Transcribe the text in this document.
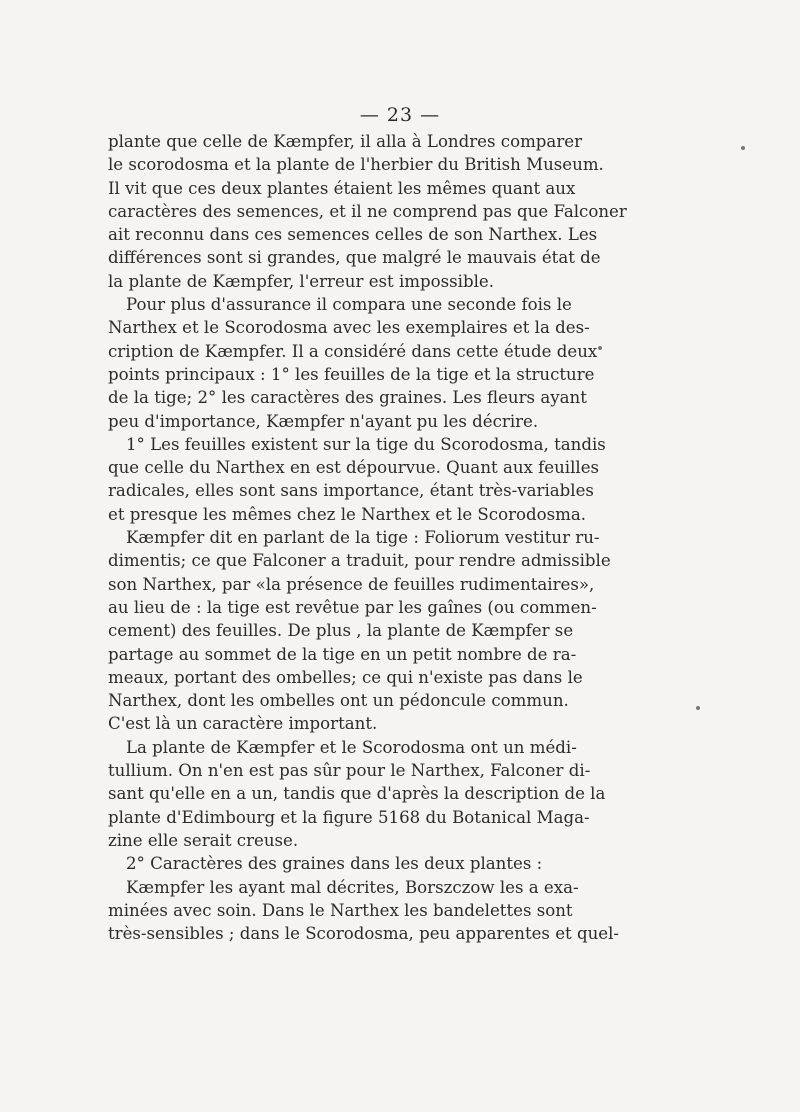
— 23 —
plante que celle de Kæmpfer, il alla à Londres comparer
le scorodosma et la plante de l'herbier du British Museum.
Il vit que ces deux plantes étaient les mêmes quant aux
caractères des semences, et il ne comprend pas que Falconer
ait reconnu dans ces semences celles de son Narthex. Les
différences sont si grandes, que malgré le mauvais état de
la plante de Kæmpfer, l'erreur est impossible.
Pour plus d'assurance il compara une seconde fois le
Narthex et le Scorodosma avec les exemplaires et la des-
cription de Kæmpfer. Il a considéré dans cette étude deux
points principaux : 1° les feuilles de la tige et la structure
de la tige; 2° les caractères des graines. Les fleurs ayant
peu d'importance, Kæmpfer n'ayant pu les décrire.
1° Les feuilles existent sur la tige du Scorodosma, tandis
que celle du Narthex en est dépourvue. Quant aux feuilles
radicales, elles sont sans importance, étant très-variables
et presque les mêmes chez le Narthex et le Scorodosma.
Kæmpfer dit en parlant de la tige : Foliorum vestitur ru-
dimentis; ce que Falconer a traduit, pour rendre admissible
son Narthex, par «la présence de feuilles rudimentaires»,
au lieu de : la tige est revêtue par les gaînes (ou commen-
cement) des feuilles. De plus , la plante de Kæmpfer se
partage au sommet de la tige en un petit nombre de ra-
meaux, portant des ombelles; ce qui n'existe pas dans le
Narthex, dont les ombelles ont un pédoncule commun.
C'est là un caractère important.
La plante de Kæmpfer et le Scorodosma ont un médi-
tullium. On n'en est pas sûr pour le Narthex, Falconer di-
sant qu'elle en a un, tandis que d'après la description de la
plante d'Edimbourg et la figure 5168 du Botanical Maga-
zine elle serait creuse.
2° Caractères des graines dans les deux plantes :
Kæmpfer les ayant mal décrites, Borszczow les a exa-
minées avec soin. Dans le Narthex les bandelettes sont
très-sensibles ; dans le Scorodosma, peu apparentes et quel-
